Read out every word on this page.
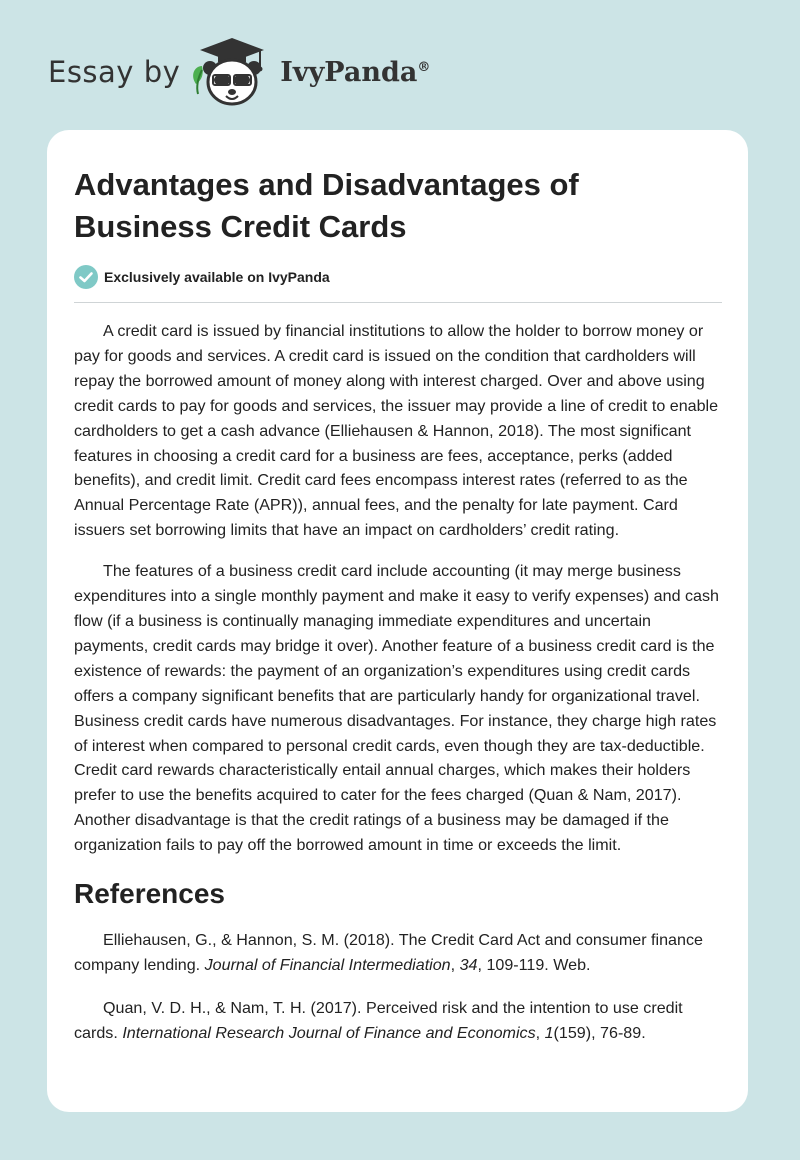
Essay by	IvyPanda®
Advantages and Disadvantages of Business Credit Cards
Exclusively available on IvyPanda

A credit card is issued by financial institutions to allow the holder to borrow money or pay for goods and services. A credit card is issued on the condition that cardholders will repay the borrowed amount of money along with interest charged. Over and above using credit cards to pay for goods and services, the issuer may provide a line of credit to enable cardholders to get a cash advance (Elliehausen & Hannon, 2018). The most significant features in choosing a credit card for a business are fees, acceptance, perks (added benefits), and credit limit. Credit card fees encompass interest rates (referred to as the Annual Percentage Rate (APR)), annual fees, and the penalty for late payment. Card issuers set borrowing limits that have an impact on cardholders’ credit rating.

The features of a business credit card include accounting (it may merge business expenditures into a single monthly payment and make it easy to verify expenses) and cash flow (if a business is continually managing immediate expenditures and uncertain payments, credit cards may bridge it over). Another feature of a business credit card is the existence of rewards: the payment of an organization’s expenditures using credit cards offers a company significant benefits that are particularly handy for organizational travel. Business credit cards have numerous disadvantages. For instance, they charge high rates of interest when compared to personal credit cards, even though they are tax-deductible. Credit card rewards characteristically entail annual charges, which makes their holders prefer to use the benefits acquired to cater for the fees charged (Quan & Nam, 2017). Another disadvantage is that the credit ratings of a business may be damaged if the organization fails to pay off the borrowed amount in time or exceeds the limit.

References

Elliehausen, G., & Hannon, S. M. (2018). The Credit Card Act and consumer finance company lending. Journal of Financial Intermediation, 34, 109-119. Web.

Quan, V. D. H., & Nam, T. H. (2017). Perceived risk and the intention to use credit cards. International Research Journal of Finance and Economics, 1(159), 76-89.
